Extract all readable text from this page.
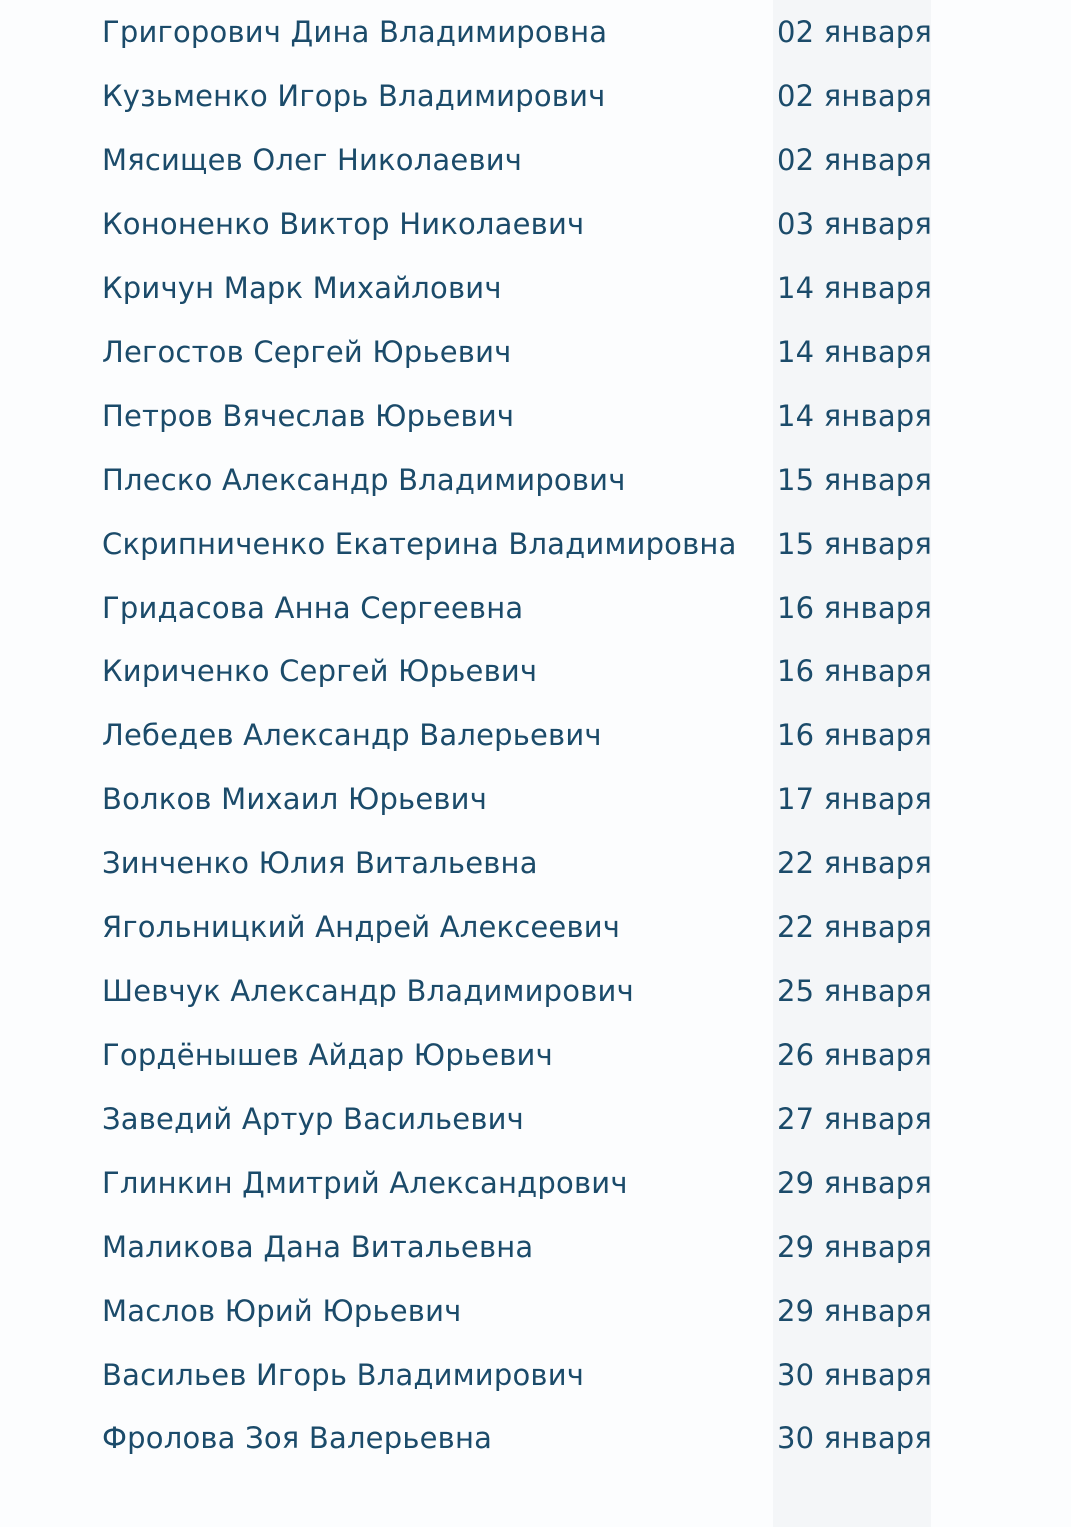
Григорович Дина Владимировна	02 января
Кузьменко Игорь Владимирович	02 января
Мясищев Олег Николаевич	02 января
Кононенко Виктор Николаевич	03 января
Кричун Марк Михайлович	14 января
Легостов Сергей Юрьевич	14 января
Петров Вячеслав Юрьевич	14 января
Плеско Александр Владимирович	15 января
Скрипниченко Екатерина Владимировна 15 января
Гридасова Анна Сергеевна	16 января
Кириченко Сергей Юрьевич	16 января
Лебедев Александр Валерьевич	16 января
Волков Михаил Юрьевич	17 января
Зинченко Юлия Витальевна	22 января
Ягольницкий Андрей Алексеевич	22 января
Шевчук Александр Владимирович	25 января
Гордёнышев Айдар Юрьевич	26 января
Заведий Артур Васильевич	27 января
Глинкин Дмитрий Александрович	29 января
Маликова Дана Витальевна	29 января
Маслов Юрий Юрьевич	29 января
Васильев Игорь Владимирович	30 января
Фролова Зоя Валерьевна	30 января
